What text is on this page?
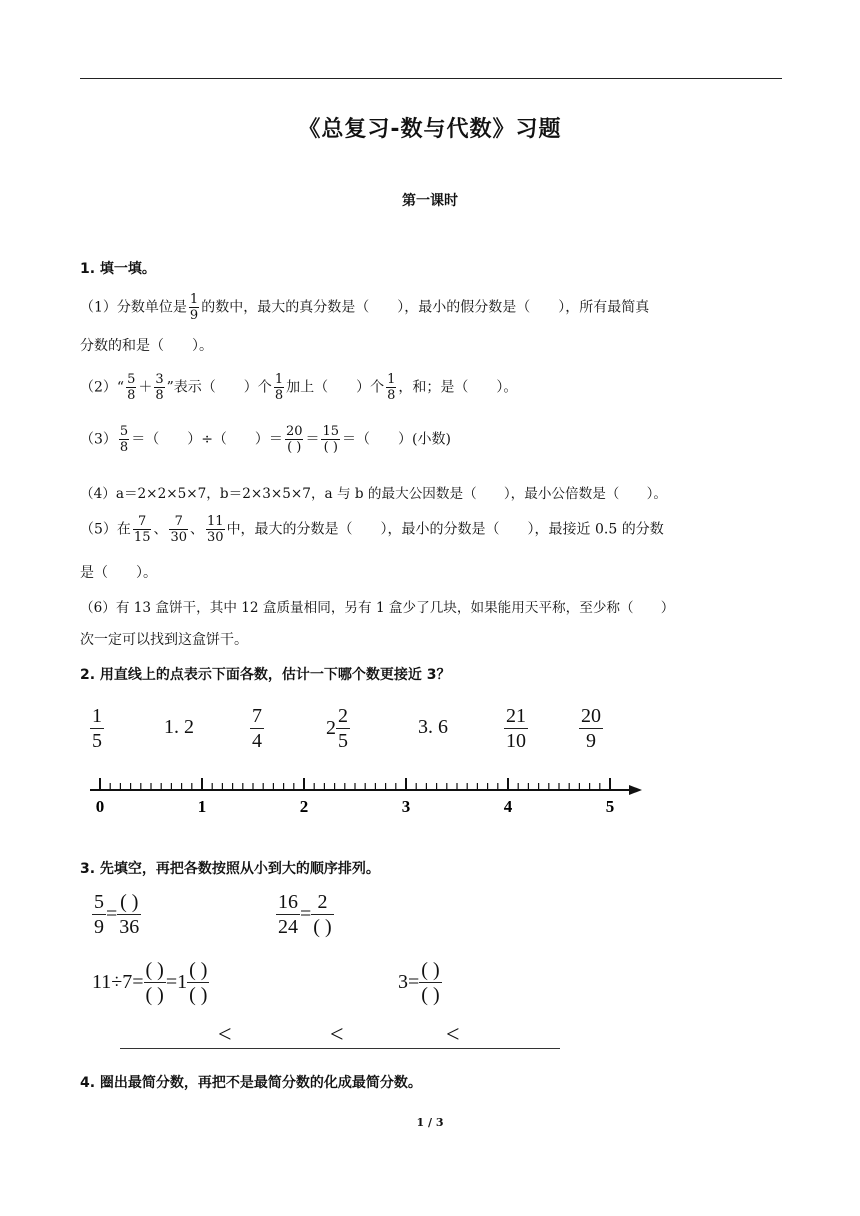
《总复习-数与代数》习题
第一课时
1. 填一填。
（1）分数单位是 $\frac{1}{9}$ 的数中，最大的真分数是（　　），最小的假分数是（　　），所有最简真
分数的和是（　　）。
（2）“ $\frac{5}{8} + \frac{3}{8}$ ”表示（　　）个 $\frac{1}{8}$ 加上（　　）个 $\frac{1}{8}$ ，和；是（　　）。
$(3) \frac{5}{8}$ ＝（　　）÷（　　）＝ $\frac{20}{( )} = \frac{15}{( )}$ ＝（　　）(小数)
（4）a＝2×2×5×7，b＝2×3×5×7，a 与 b 的最大公因数是（　　），最小公倍数是（　　）。
（5）在 $\frac{7}{15}$ 、 $\frac{7}{30}$ 、 $\frac{11}{30}$ 中，最大的分数是（　　），最小的分数是（　　），最接近 0.5 的分数
是（　　）。
（6）有 13 盒饼干，其中 12 盒质量相同，另有 1 盒少了几块，如果能用天平称，至少称（　　）
次一定可以找到这盒饼干。
2. 用直线上的点表示下面各数，估计一下哪个数更接近 3？
$\frac{1}{5}$	1. 2	$\frac{7}{4}$	$2 \frac{2}{5}$	3. 6	$\frac{21}{10}$	$\frac{20}{9}$
0	1	2	3	4	5
3. 先填空，再把各数按照从小到大的顺序排列。
$\frac{5}{9}$ =
( )
36	$\frac{16}{24}$ =
2
( )
11÷7=
( )
( )
=1
( )
( )
3=
( )
( )
<	<	<
4. 圈出最简分数，再把不是最简分数的化成最简分数。
1 / 3
